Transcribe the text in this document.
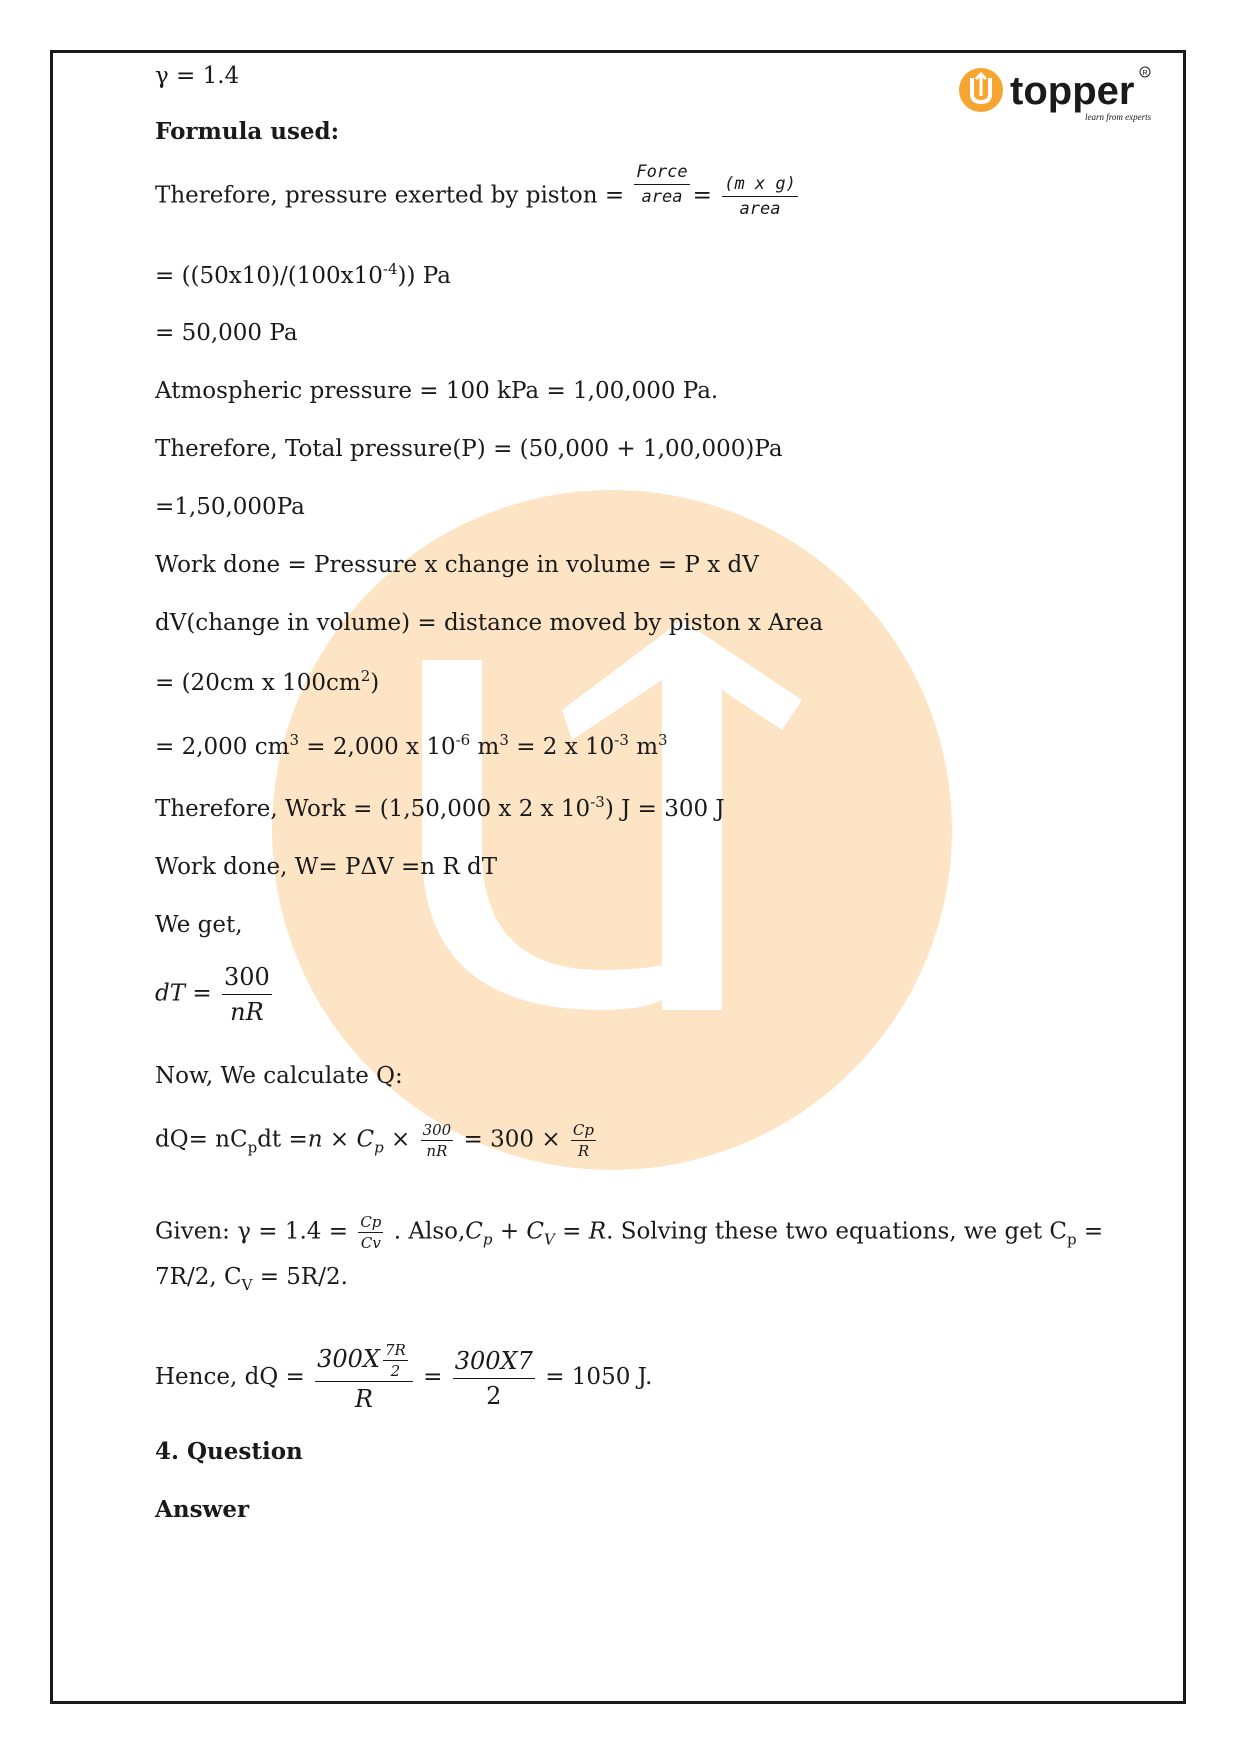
topper
learn from experts
R
γ = 1.4
Formula used:
Therefore, pressure exerted by piston = $\frac{\text{Force}}{\text{area}} = \frac{\text{(m x g)}}{\text{area}}$
= $((50x10)/(100x10^{-4}))$ Pa
= 50,000 Pa
Atmospheric pressure = 100 kPa = 1,00,000 Pa.
Therefore, Total pressure(P) = (50,000 + 1,00,000)Pa
=1,50,000Pa
Work done = Pressure x change in volume = P x dV
dV(change in volume) = distance moved by piston x Area
= (20cm x $100cm^2$)
= 2,000 $cm^3 = 2,000$ x $10^{-6}$ $m^3 = 2$ x $10^{-3}$ $m^3$
Therefore, Work = (1,50,000 x 2 x $10^{-3}$) J = 300 J
Work done, W= PΔV =n R dT
We get,
dT = $\frac{300}{nR}$
Now, We calculate Q:
$dQ= nC_pdt =n \times C_p \times \frac{300}{nR} = 300 \times \frac{Cp}{R}$
Given: $\gamma = 1.4 = \frac{Cp}{Cv}$ . $Also,C_p + C_V = R$. Solving these two equations, we get $C_p$ =
7R/2, $C_V = 5R/2$.
Hence, dQ = $\frac{300X \frac{7R}{2}}{R} = \frac{300X7}{2} = 1050$ J.
4. Question
Answer
